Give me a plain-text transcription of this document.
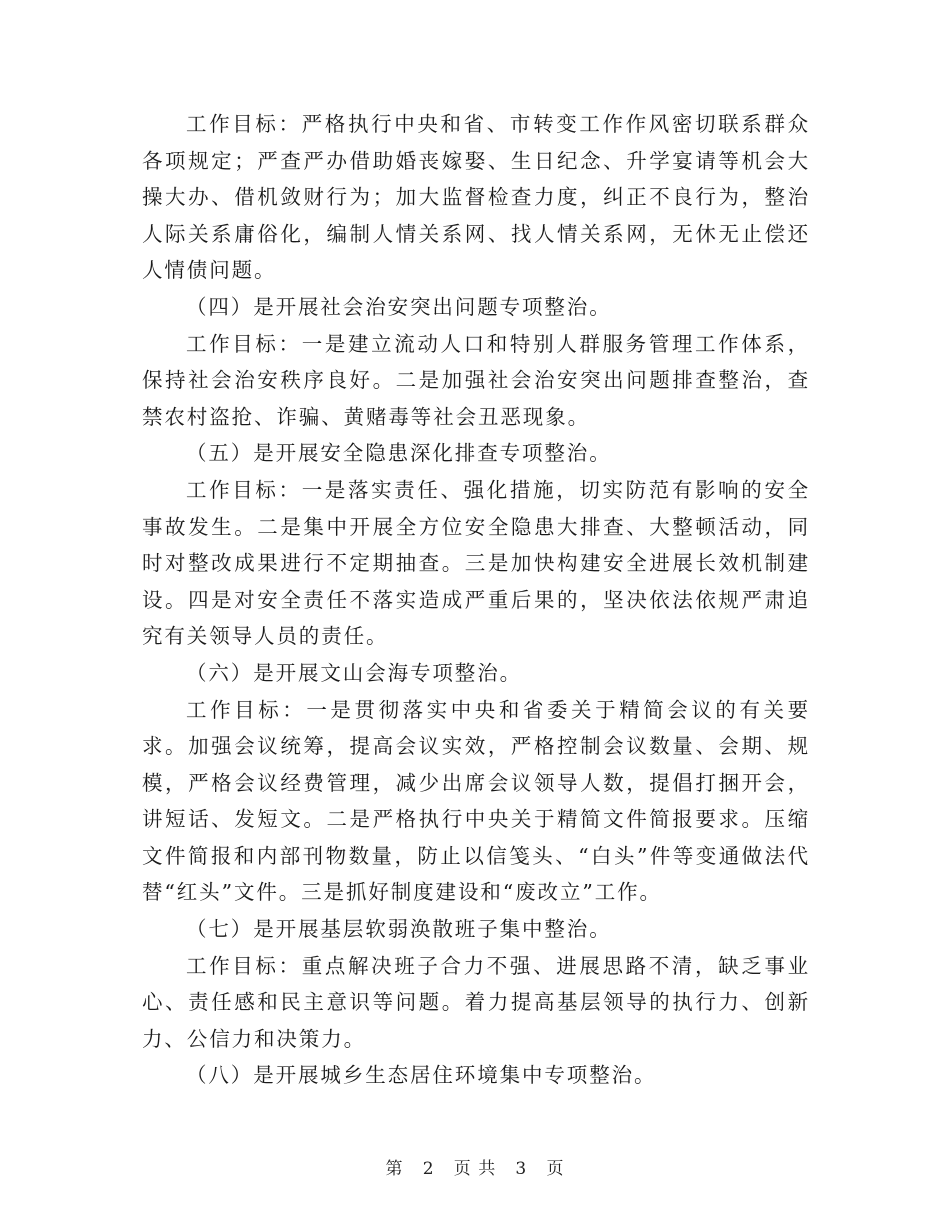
工作目标：严格执行中央和省、市转变工作作风密切联系群众各项规定；严查严办借助婚丧嫁娶、生日纪念、升学宴请等机会大操大办、借机敛财行为；加大监督检查力度，纠正不良行为，整治人际关系庸俗化，编制人情关系网、找人情关系网，无休无止偿还人情债问题。

（四）是开展社会治安突出问题专项整治。

工作目标：一是建立流动人口和特别人群服务管理工作体系，保持社会治安秩序良好。二是加强社会治安突出问题排查整治，查禁农村盗抢、诈骗、黄赌毒等社会丑恶现象。

（五）是开展安全隐患深化排查专项整治。

工作目标：一是落实责任、强化措施，切实防范有影响的安全事故发生。二是集中开展全方位安全隐患大排查、大整顿活动，同时对整改成果进行不定期抽查。三是加快构建安全进展长效机制建设。四是对安全责任不落实造成严重后果的，坚决依法依规严肃追究有关领导人员的责任。

（六）是开展文山会海专项整治。

工作目标：一是贯彻落实中央和省委关于精简会议的有关要求。加强会议统筹，提高会议实效，严格控制会议数量、会期、规模，严格会议经费管理，减少出席会议领导人数，提倡打捆开会，讲短话、发短文。二是严格执行中央关于精简文件简报要求。压缩文件简报和内部刊物数量，防止以信笺头、“白头”件等变通做法代替“红头”文件。三是抓好制度建设和“废改立”工作。

（七）是开展基层软弱涣散班子集中整治。

工作目标：重点解决班子合力不强、进展思路不清，缺乏事业心、责任感和民主意识等问题。着力提高基层领导的执行力、创新力、公信力和决策力。

（八）是开展城乡生态居住环境集中专项整治。

第 2 页 共 3 页
